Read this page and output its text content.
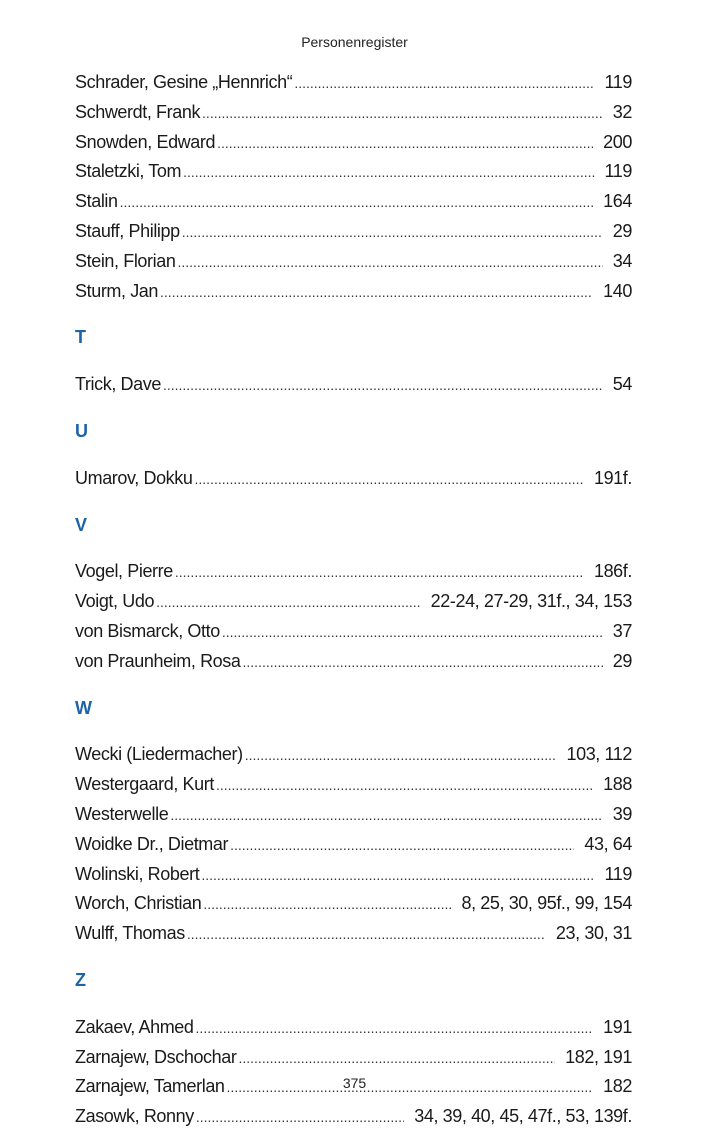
Personenregister
Schrader, Gesine „Hennrich“ .....	119
Schwerdt, Frank .....	32
Snowden, Edward .....	200
Staletzki, Tom .....	119
Stalin .....	164
Stauff, Philipp .....	29
Stein, Florian .....	34
Sturm, Jan .....	140
T
Trick, Dave .....	54
U
Umarov, Dokku .....	191f.
V
Vogel, Pierre .....	186f.
Voigt, Udo .....	22-24, 27-29, 31f., 34, 153
von Bismarck, Otto .....	37
von Praunheim, Rosa .....	29
W
Wecki (Liedermacher) .....	103, 112
Westergaard, Kurt .....	188
Westerwelle .....	39
Woidke Dr., Dietmar .....	43, 64
Wolinski, Robert .....	119
Worch, Christian .....	8, 25, 30, 95f., 99, 154
Wulff, Thomas .....	23, 30, 31
Z
Zakaev, Ahmed .....	191
Zarnajew, Dschochar .....	182, 191
Zarnajew, Tamerlan .....	182
Zasowk, Ronny .....	34, 39, 40, 45, 47f., 53, 139f.
375
